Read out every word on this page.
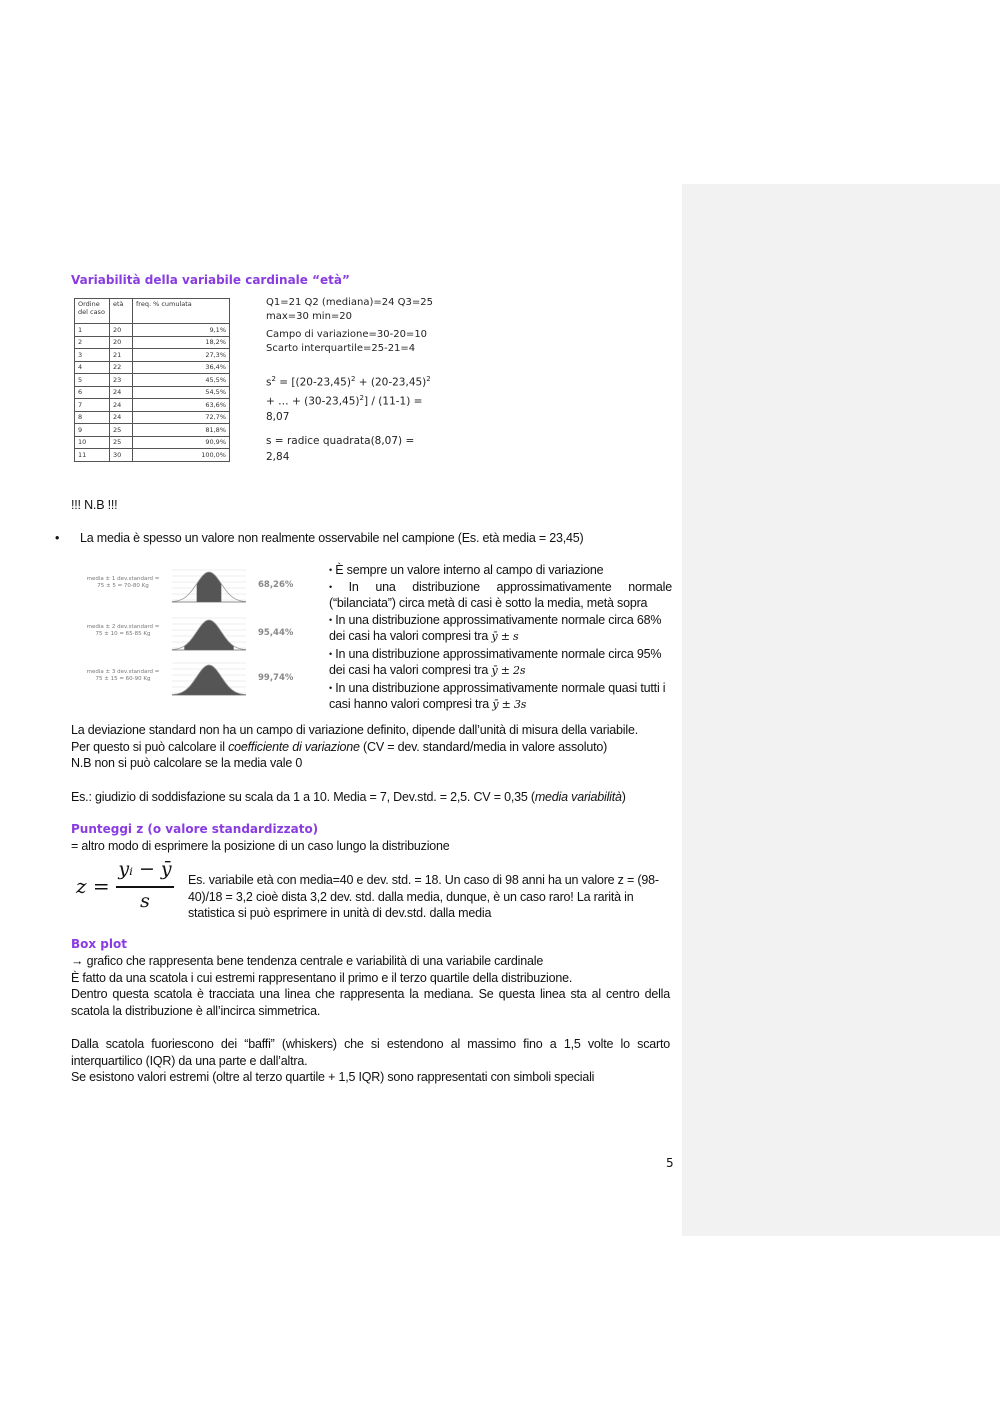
Variabilità della variabile cardinale “età”
Ordine del caso	età	freq. % cumulata
1	20	9,1%
2	20	18,2%
3	21	27,3%
4	22	36,4%
5	23	45,5%
6	24	54,5%
7	24	63,6%
8	24	72,7%
9	25	81,8%
10	25	90,9%
11	30	100,0%
Q1=21 Q2 (mediana)=24 Q3=25
max=30 min=20
Campo di variazione=30-20=10
Scarto interquartile=25-21=4
$s^2 = [(20-23,45)^2 + (20-23,45)^2$
+ … + $(30-23,45)^2] / (11-1)$ =
8,07
s = radice quadrata(8,07) =
2,84
!!! N.B !!!
• La media è spesso un valore non realmente osservabile nel campione (Es. età media = 23,45)
media ± 1 dev.standard =
75 ± 5 = 70-80 Kg	68,26%
media ± 2 dev.standard =
75 ± 10 = 65-85 Kg	95,44%
media ± 3 dev.standard =
75 ± 15 = 60-90 Kg	99,74%
• È sempre un valore interno al campo di variazione
• In una distribuzione approssimativamente normale (“bilanciata”) circa metà di casi è sotto la media, metà sopra
• In una distribuzione approssimativamente normale circa 68% dei casi ha valori compresi tra ȳ ± s
• In una distribuzione approssimativamente normale circa 95% dei casi ha valori compresi tra ȳ ± 2s
• In una distribuzione approssimativamente normale quasi tutti i casi hanno valori compresi tra ȳ ± 3s
La deviazione standard non ha un campo di variazione definito, dipende dall’unità di misura della variabile.
Per questo si può calcolare il coefficiente di variazione (CV = dev. standard/media in valore assoluto)
N.B non si può calcolare se la media vale 0
Es.: giudizio di soddisfazione su scala da 1 a 10. Media = 7, Dev.std. = 2,5. CV = 0,35 (media variabilità)
Punteggi z (o valore standardizzato)
= altro modo di esprimere la posizione di un caso lungo la distribuzione
z =
yᵢ − ȳ
s
Es. variabile età con media=40 e dev. std. = 18. Un caso di 98 anni ha un valore z = (98-40)/18 = 3,2 cioè dista 3,2 dev. std. dalla media, dunque, è un caso raro! La rarità in statistica si può esprimere in unità di dev.std. dalla media
Box plot
→ grafico che rappresenta bene tendenza centrale e variabilità di una variabile cardinale
È fatto da una scatola i cui estremi rappresentano il primo e il terzo quartile della distribuzione.
Dentro questa scatola è tracciata una linea che rappresenta la mediana. Se questa linea sta al centro della scatola la distribuzione è all’incirca simmetrica.
Dalla scatola fuoriescono dei “baffi” (whiskers) che si estendono al massimo fino a 1,5 volte lo scarto interquartilico (IQR) da una parte e dall’altra.
Se esistono valori estremi (oltre al terzo quartile + 1,5 IQR) sono rappresentati con simboli speciali
5
